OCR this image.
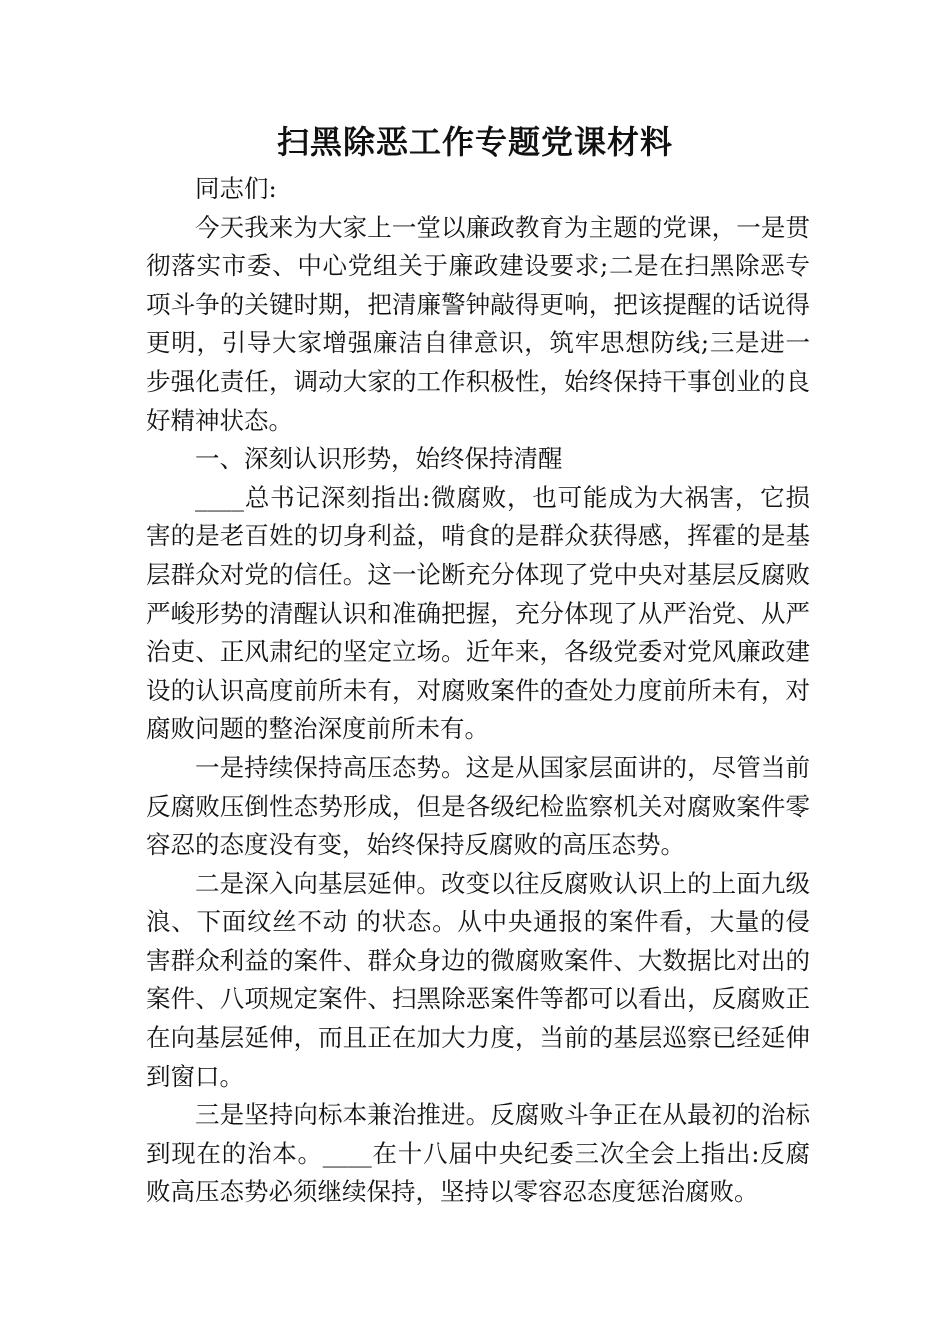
扫黑除恶工作专题党课材料

同志们:

今天我来为大家上一堂以廉政教育为主题的党课，一是贯彻落实市委、中心党组关于廉政建设要求;二是在扫黑除恶专项斗争的关键时期，把清廉警钟敲得更响，把该提醒的话说得更明，引导大家增强廉洁自律意识，筑牢思想防线;三是进一步强化责任，调动大家的工作积极性，始终保持干事创业的良好精神状态。

一、深刻认识形势，始终保持清醒

____总书记深刻指出:微腐败，也可能成为大祸害，它损害的是老百姓的切身利益，啃食的是群众获得感，挥霍的是基层群众对党的信任。这一论断充分体现了党中央对基层反腐败严峻形势的清醒认识和准确把握，充分体现了从严治党、从严治吏、正风肃纪的坚定立场。近年来，各级党委对党风廉政建设的认识高度前所未有，对腐败案件的查处力度前所未有，对腐败问题的整治深度前所未有。

一是持续保持高压态势。这是从国家层面讲的，尽管当前反腐败压倒性态势形成，但是各级纪检监察机关对腐败案件零容忍的态度没有变，始终保持反腐败的高压态势。

二是深入向基层延伸。改变以往反腐败认识上的上面九级浪、下面纹丝不动 的状态。从中央通报的案件看，大量的侵害群众利益的案件、群众身边的微腐败案件、大数据比对出的案件、八项规定案件、扫黑除恶案件等都可以看出，反腐败正在向基层延伸，而且正在加大力度，当前的基层巡察已经延伸到窗口。

三是坚持向标本兼治推进。反腐败斗争正在从最初的治标到现在的治本。____在十八届中央纪委三次全会上指出:反腐败高压态势必须继续保持，坚持以零容忍态度惩治腐败。
